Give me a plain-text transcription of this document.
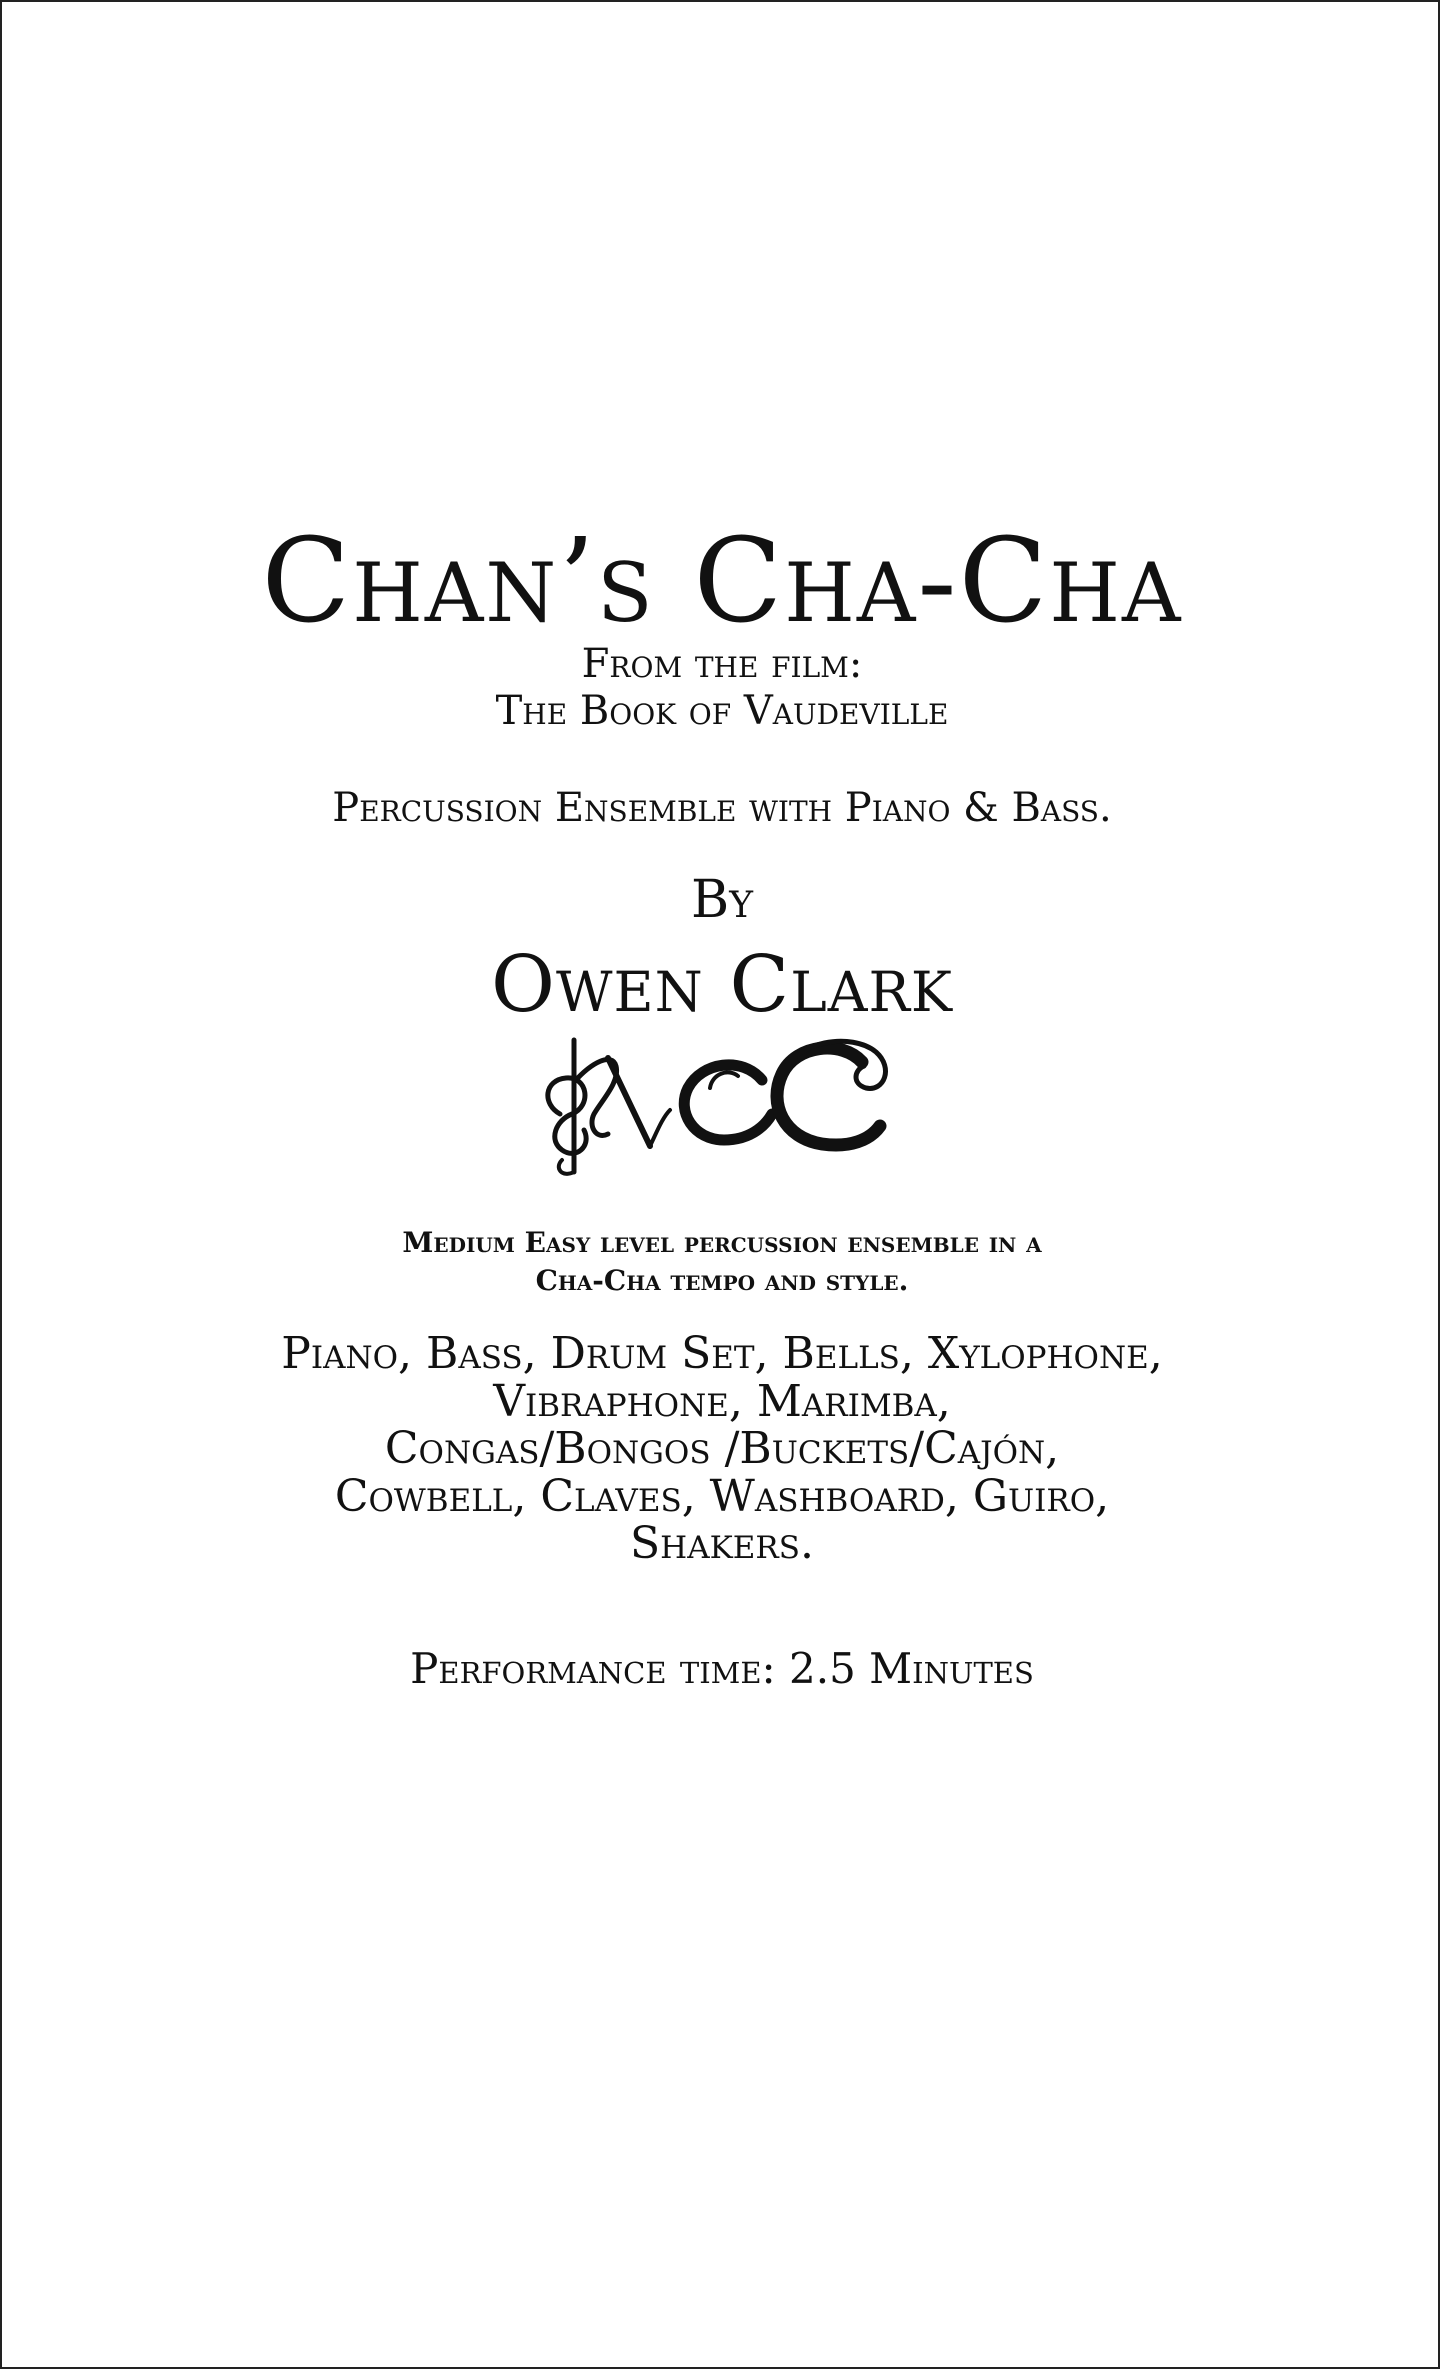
Chan’s Cha-Cha
From the film:
The Book of Vaudeville
Percussion Ensemble with Piano & Bass.
By
Owen Clark
Medium Easy level percussion ensemble in a
Cha-Cha tempo and style.
Piano, Bass, Drum Set, Bells, Xylophone,
Vibraphone, Marimba,
Congas/Bongos /Buckets/Cajón,
Cowbell, Claves, Washboard, Guiro,
Shakers.
Performance time: 2.5 Minutes
